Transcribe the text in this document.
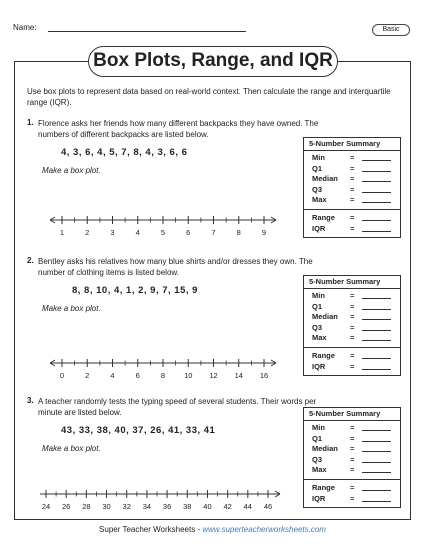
Name:	Basic
Box Plots, Range, and IQR
Use box plots to represent data based on real-world context. Then calculate the range and interquartile range (IQR).
1. Florence asks her friends how many different backpacks they have owned. The numbers of different backpacks are listed below.
4, 3, 6, 4, 5, 7, 8, 4, 3, 6, 6
Make a box plot.
1	2	3	4	5	6	7	8	9
5-Number Summary
Min	=
Q1	=
Median =
Q3	=
Max	=
Range =
IQR	=
2. Bentley asks his relatives how many blue shirts and/or dresses they own. The number of clothing items is listed below.
8, 8, 10, 4, 1, 2, 9, 7, 15, 9
Make a box plot.
0	2	4	6	8	10 12 14 16
5-Number Summary
Min	=
Q1	=
Median =
Q3	=
Max	=
Range =
IQR	=
3. A teacher randomly tests the typing speed of several students. Their words per minute are listed below.
43, 33, 38, 40, 37, 26, 41, 33, 41
Make a box plot.
24 26 28 30 32 34 36 38 40 42 44 46
5-Number Summary
Min	=
Q1	=
Median =
Q3	=
Max	=
Range =
IQR	=
Super Teacher Worksheets - www.superteacherworksheets.com
